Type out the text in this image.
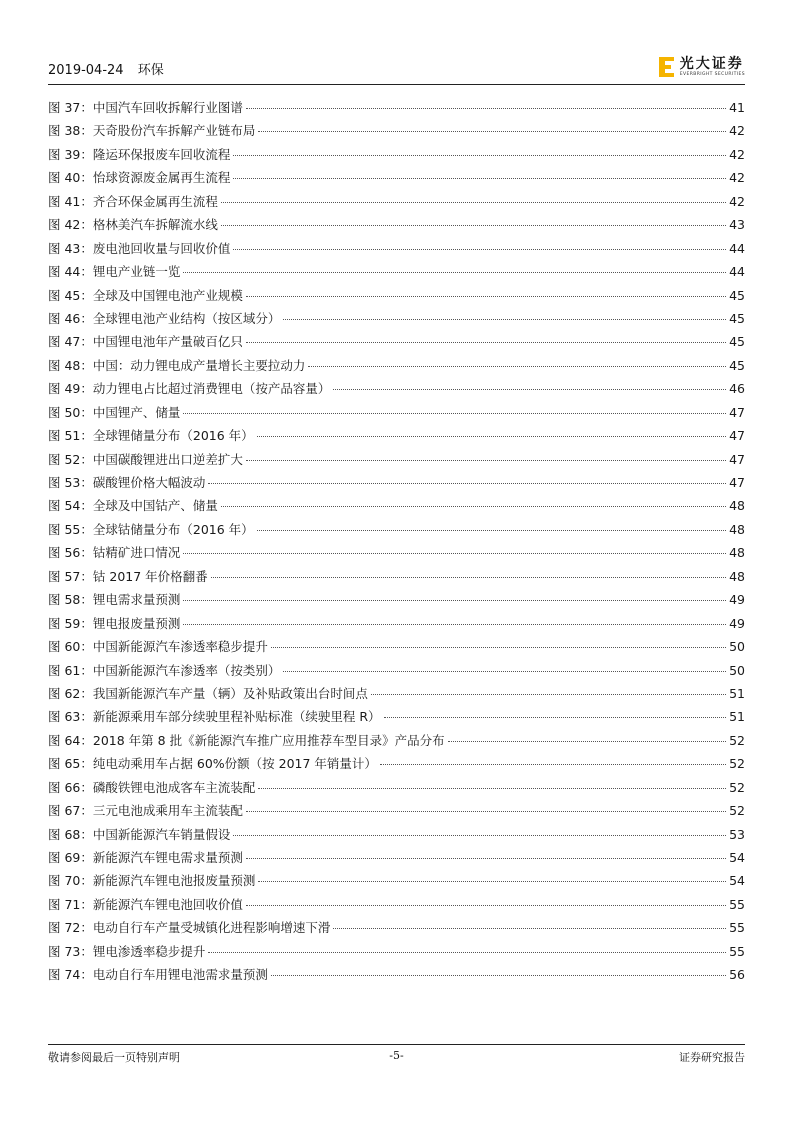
2019-04-24 环保	光大证券
EVERBRIGHT SECURITIES
图 37： 中国汽车回收拆解行业图谱	41
图 38： 天奇股份汽车拆解产业链布局	42
图 39： 隆运环保报废车回收流程	42
图 40： 怡球资源废金属再生流程	42
图 41： 齐合环保金属再生流程	42
图 42： 格林美汽车拆解流水线	43
图 43： 废电池回收量与回收价值	44
图 44： 锂电产业链一览	44
图 45： 全球及中国锂电池产业规模	45
图 46： 全球锂电池产业结构（按区域分）	45
图 47： 中国锂电池年产量破百亿只	45
图 48： 中国：动力锂电成产量增长主要拉动力	45
图 49： 动力锂电占比超过消费锂电（按产品容量）	46
图 50： 中国锂产、储量	47
图 51： 全球锂储量分布（2016 年）	47
图 52： 中国碳酸锂进出口逆差扩大	47
图 53： 碳酸锂价格大幅波动	47
图 54： 全球及中国钴产、储量	48
图 55： 全球钴储量分布（2016 年）	48
图 56： 钴精矿进口情况	48
图 57： 钴 2017 年价格翻番	48
图 58： 锂电需求量预测	49
图 59： 锂电报废量预测	49
图 60： 中国新能源汽车渗透率稳步提升	50
图 61： 中国新能源汽车渗透率（按类别）	50
图 62： 我国新能源汽车产量（辆）及补贴政策出台时间点	51
图 63： 新能源乘用车部分续驶里程补贴标准（续驶里程 R）	51
图 64： 2018 年第 8 批《新能源汽车推广应用推荐车型目录》产品分布	52
图 65： 纯电动乘用车占据 60%份额（按 2017 年销量计）	52
图 66： 磷酸铁锂电池成客车主流装配	52
图 67： 三元电池成乘用车主流装配	52
图 68： 中国新能源汽车销量假设	53
图 69： 新能源汽车锂电需求量预测	54
图 70： 新能源汽车锂电池报废量预测	54
图 71： 新能源汽车锂电池回收价值	55
图 72： 电动自行车产量受城镇化进程影响增速下滑	55
图 73： 锂电渗透率稳步提升	55
图 74： 电动自行车用锂电池需求量预测	56
敬请参阅最后一页特别声明	-5-	证券研究报告
